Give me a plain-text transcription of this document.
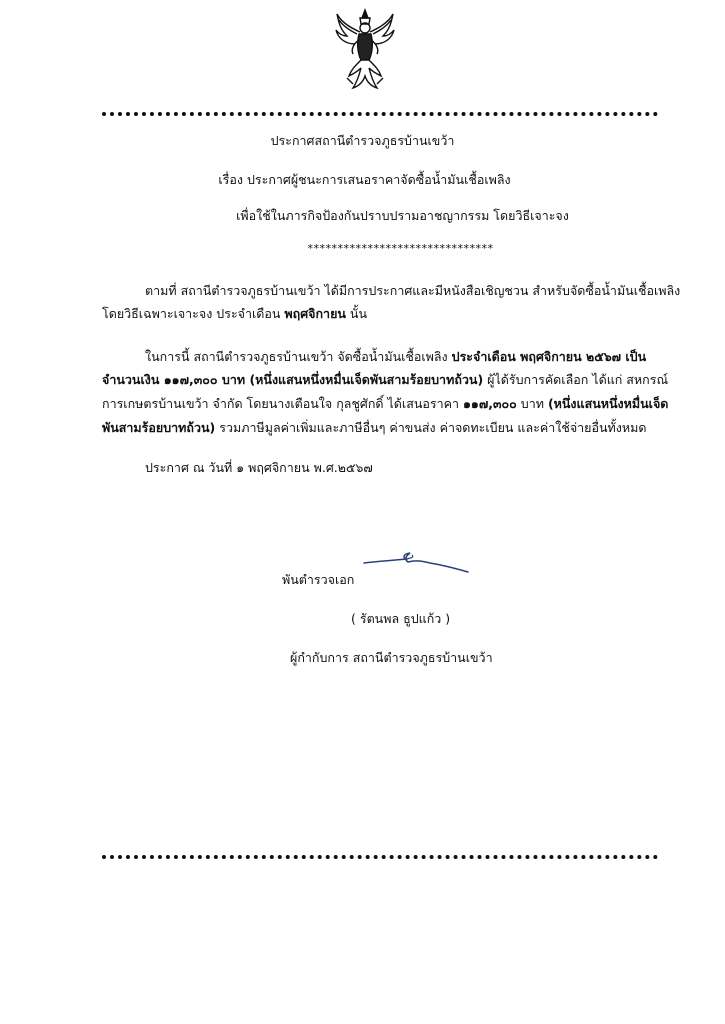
ประกาศสถานีตำรวจภูธรบ้านเขว้า
เรื่อง ประกาศผู้ชนะการเสนอราคาจัดซื้อน้ำมันเชื้อเพลิง
เพื่อใช้ในภารกิจป้องกันปราบปรามอาชญากรรม โดยวิธีเจาะจง
*******************************
ตามที่ สถานีตำรวจภูธรบ้านเขว้า ได้มีการประกาศและมีหนังสือเชิญชวน สำหรับจัดซื้อน้ำมันเชื้อเพลิง
โดยวิธีเฉพาะเจาะจง ประจำเดือน พฤศจิกายน นั้น
ในการนี้ สถานีตำรวจภูธรบ้านเขว้า จัดซื้อน้ำมันเชื้อเพลิง ประจำเดือน พฤศจิกายน ๒๕๖๗ เป็น
จำนวนเงิน ๑๑๗,๓๐๐ บาท (หนึ่งแสนหนึ่งหมื่นเจ็ดพันสามร้อยบาทถ้วน) ผู้ได้รับการคัดเลือก ได้แก่ สหกรณ์
การเกษตรบ้านเขว้า จำกัด โดยนางเตือนใจ กุลชูศักดิ์ ได้เสนอราคา ๑๑๗,๓๐๐ บาท (หนึ่งแสนหนึ่งหมื่นเจ็ด
พันสามร้อยบาทถ้วน) รวมภาษีมูลค่าเพิ่มและภาษีอื่นๆ ค่าขนส่ง ค่าจดทะเบียน และค่าใช้จ่ายอื่นทั้งหมด
ประกาศ ณ วันที่ ๑ พฤศจิกายน พ.ศ.๒๕๖๗
พันตำรวจเอก
( รัตนพล ธูปแก้ว )
ผู้กำกับการ สถานีตำรวจภูธรบ้านเขว้า
